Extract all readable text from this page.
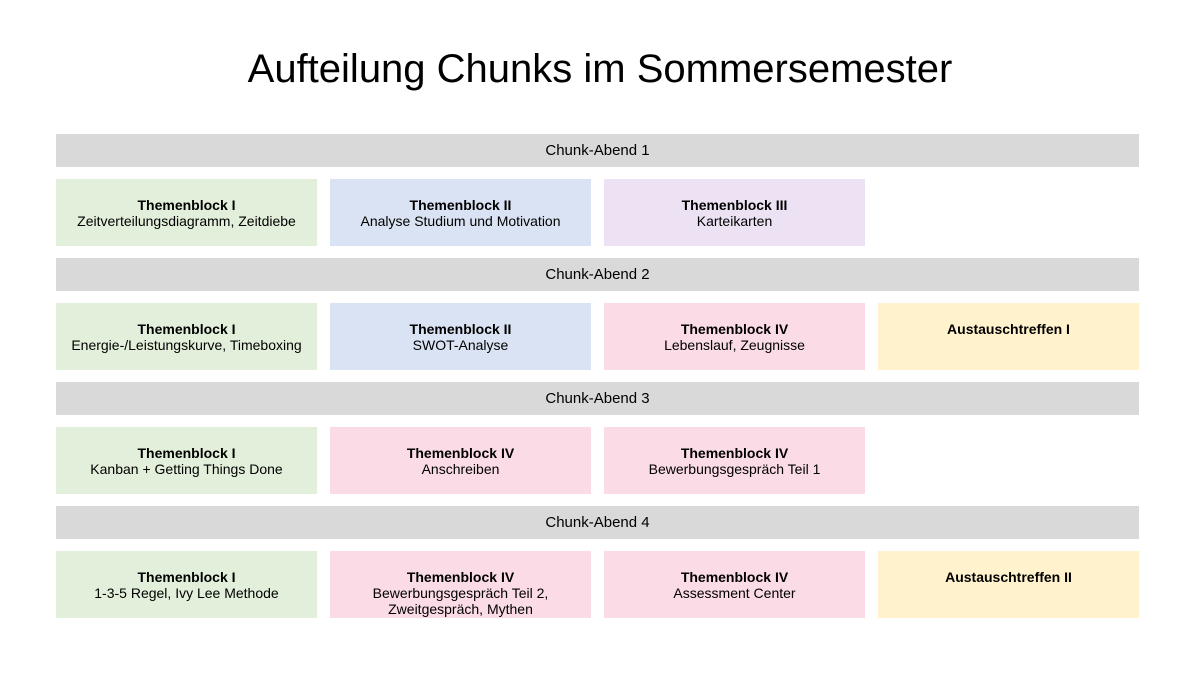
Aufteilung Chunks im Sommersemester
Chunk-Abend 1
Themenblock I
Zeitverteilungsdiagramm, Zeitdiebe
Themenblock II
Analyse Studium und Motivation
Themenblock III
Karteikarten
Chunk-Abend 2
Themenblock I
Energie-/Leistungskurve, Timeboxing
Themenblock II
SWOT-Analyse
Themenblock IV
Lebenslauf, Zeugnisse
Austauschtreffen I
Chunk-Abend 3
Themenblock I
Kanban + Getting Things Done
Themenblock IV
Anschreiben
Themenblock IV
Bewerbungsgespräch Teil 1
Chunk-Abend 4
Themenblock I
1-3-5 Regel, Ivy Lee Methode
Themenblock IV
Bewerbungsgespräch Teil 2,
Zweitgespräch, Mythen
Themenblock IV
Assessment Center
Austauschtreffen II
